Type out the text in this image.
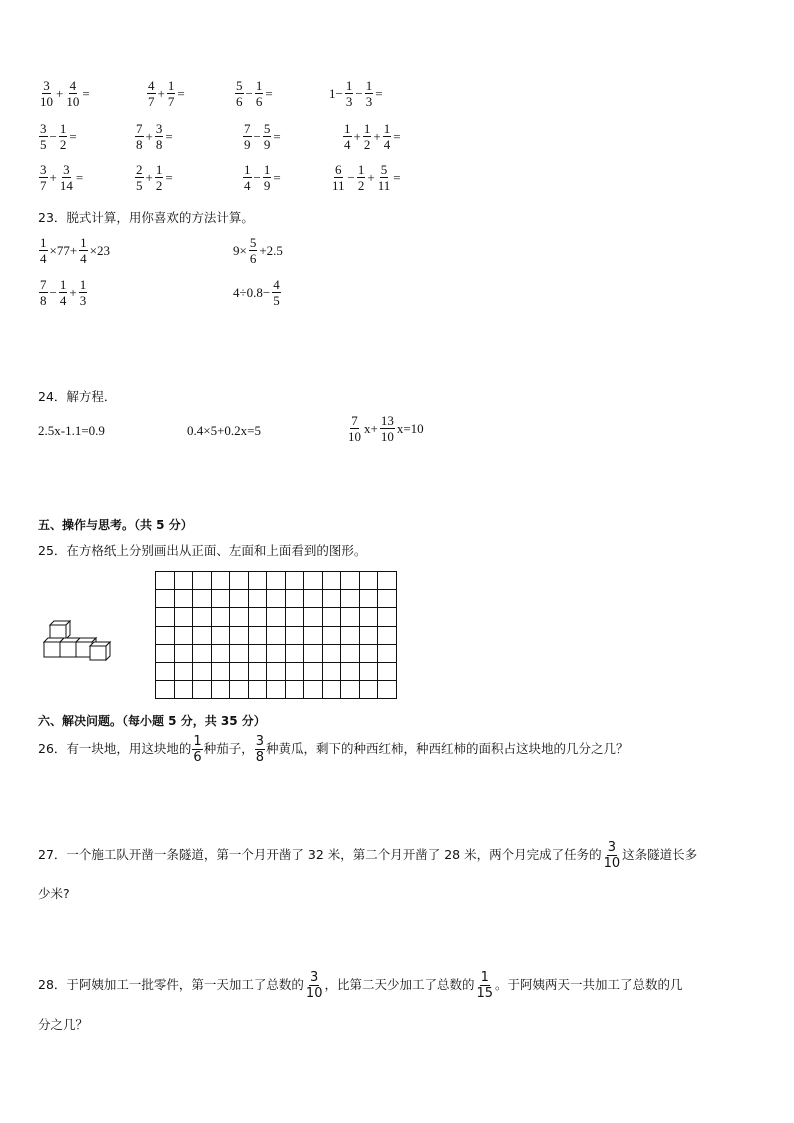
$\frac{3}{10} + \frac{4}{10}$ =	$\frac{4}{7} + \frac{1}{7}$ =	$\frac{5}{6} - \frac{1}{6}$ =	$1- \frac{1}{3} - \frac{1}{3}$ =
$\frac{3}{5} - \frac{1}{2}$ =	$\frac{7}{8} + \frac{3}{8}$ =	$\frac{7}{9} - \frac{5}{9}$ =	$\frac{1}{4} + \frac{1}{2} + \frac{1}{4}$ =
$\frac{3}{7} + \frac{3}{14}$ =	$\frac{2}{5} + \frac{1}{2}$ =	$\frac{1}{4} - \frac{1}{9}$ =	$\frac{6}{11} - \frac{1}{2} + \frac{5}{11}$ =
23．脱式计算，用你喜欢的方法计算。
$\frac{1}{4} \times 77+ \frac{1}{4} \times 23$	$9\times \frac{5}{6} +2.5$
$\frac{7}{8} - \frac{1}{4} + \frac{1}{3}$	$4\div 0.8- \frac{4}{5}$
24．解方程．
2.5x-1.1=0.9	0.4×5+0.2x=5	$\frac{7}{10} x+ \frac{13}{10} x=10$
五、操作与思考。（共 5 分）
25．在方格纸上分别画出从正面、左面和上面看到的图形。

六、解决问题。（每小题 5 分，共 35 分）
26．有一块地，用这块地的 $\frac{1}{6}$ 种茄子， $\frac{3}{8}$ 种黄瓜，剩下的种西红柿，种西红柿的面积占这块地的几分之几？
27．一个施工队开凿一条隧道，第一个月开凿了 32 米，第二个月开凿了 28 米，两个月完成了任务的 $\frac{3}{10}$ 这条隧道长多
少米?
28．于阿姨加工一批零件，第一天加工了总数的 $\frac{3}{10}$ ，比第二天少加工了总数的 $\frac{1}{15}$ 。于阿姨两天一共加工了总数的几
分之几？
